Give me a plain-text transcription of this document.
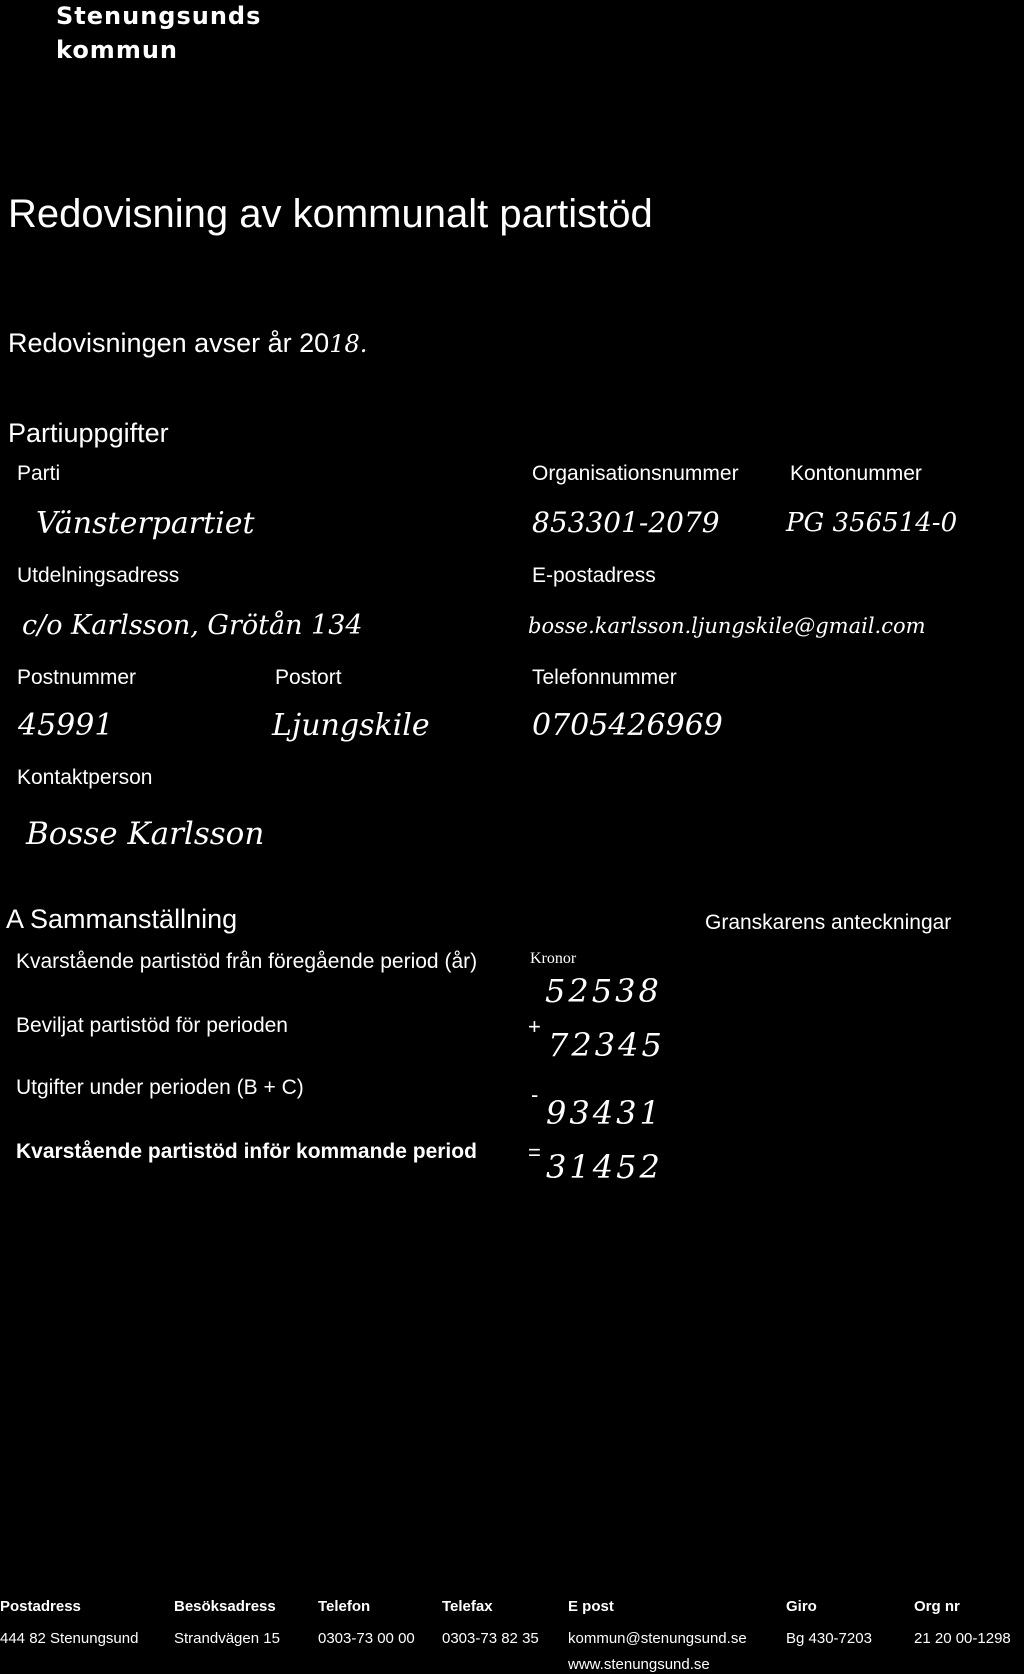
Stenungsunds
kommun
Redovisning av kommunalt partistöd
Redovisningen avser år 2018.
Partiuppgifter
Parti	Organisationsnummer Kontonummer
Vänsterpartiet	853301-2079	PG 356514-0
Utdelningsadress	E-postadress
c/o Karlsson, Grötån 134	bosse.karlsson.ljungskile@gmail.com
Postnummer	Postort	Telefonnummer
45991	Ljungskile	0705426969
Kontaktperson
Bosse Karlsson
A Sammanställning	Granskarens anteckningar
Kronor
Kvarstående partistöd från föregående period (år)
52538
Beviljat partistöd för perioden	+ 72345
Utgifter under perioden (B + C)	- 93431
Kvarstående partistöd inför kommande period = 31452
Postadress
444 82 Stenungsund
Besöksadress
Strandvägen 15
Telefon
0303-73 00 00
Telefax
0303-73 82 35
E post
kommun@stenungsund.se
www.stenungsund.se
Giro
Bg 430-7203
Org nr
21 20 00-1298
